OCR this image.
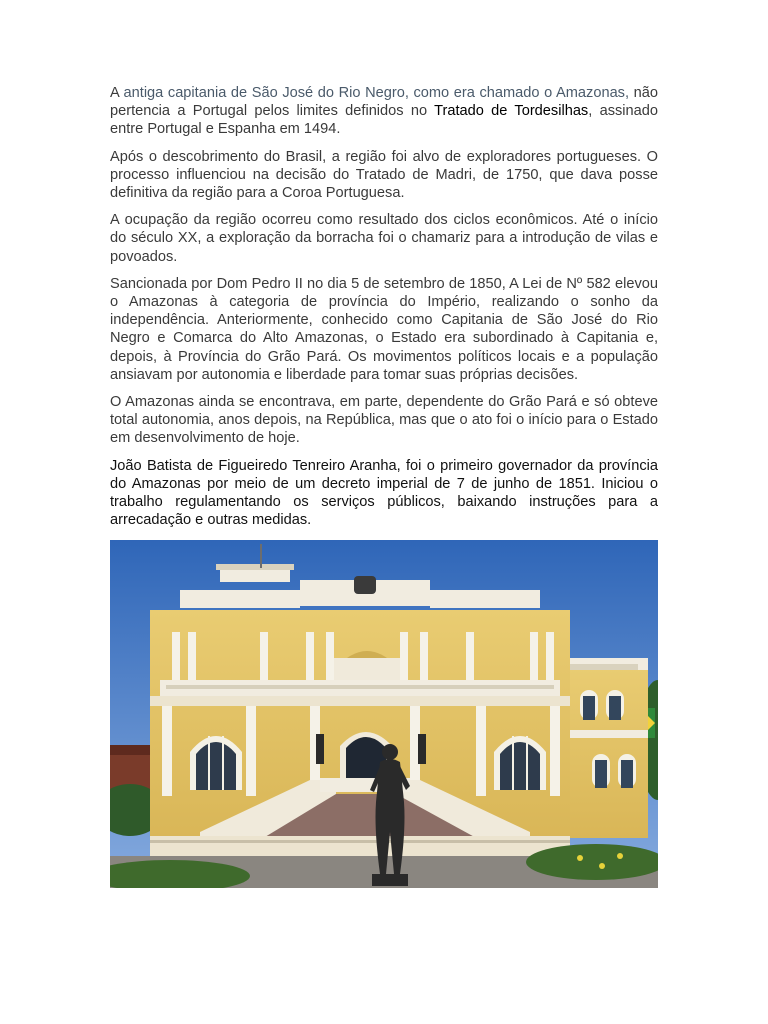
A antiga capitania de São José do Rio Negro, como era chamado o Amazonas, não pertencia a Portugal pelos limites definidos no Tratado de Tordesilhas, assinado entre Portugal e Espanha em 1494.

Após o descobrimento do Brasil, a região foi alvo de exploradores portugueses. O processo influenciou na decisão do Tratado de Madri, de 1750, que dava posse definitiva da região para a Coroa Portuguesa.

A ocupação da região ocorreu como resultado dos ciclos econômicos. Até o início do século XX, a exploração da borracha foi o chamariz para a introdução de vilas e povoados.

Sancionada por Dom Pedro II no dia 5 de setembro de 1850, A Lei de Nº 582 elevou o Amazonas à categoria de província do Império, realizando o sonho da independência. Anteriormente, conhecido como Capitania de São José do Rio Negro e Comarca do Alto Amazonas, o Estado era subordinado à Capitania e, depois, à Província do Grão Pará. Os movimentos políticos locais e a população ansiavam por autonomia e liberdade para tomar suas próprias decisões.

O Amazonas ainda se encontrava, em parte, dependente do Grão Pará e só obteve total autonomia, anos depois, na República, mas que o ato foi o início para o Estado em desenvolvimento de hoje.

João Batista de Figueiredo Tenreiro Aranha, foi o primeiro governador da província do Amazonas por meio de um decreto imperial de 7 de junho de 1851. Iniciou o trabalho regulamentando os serviços públicos, baixando instruções para a arrecadação e outras medidas.
